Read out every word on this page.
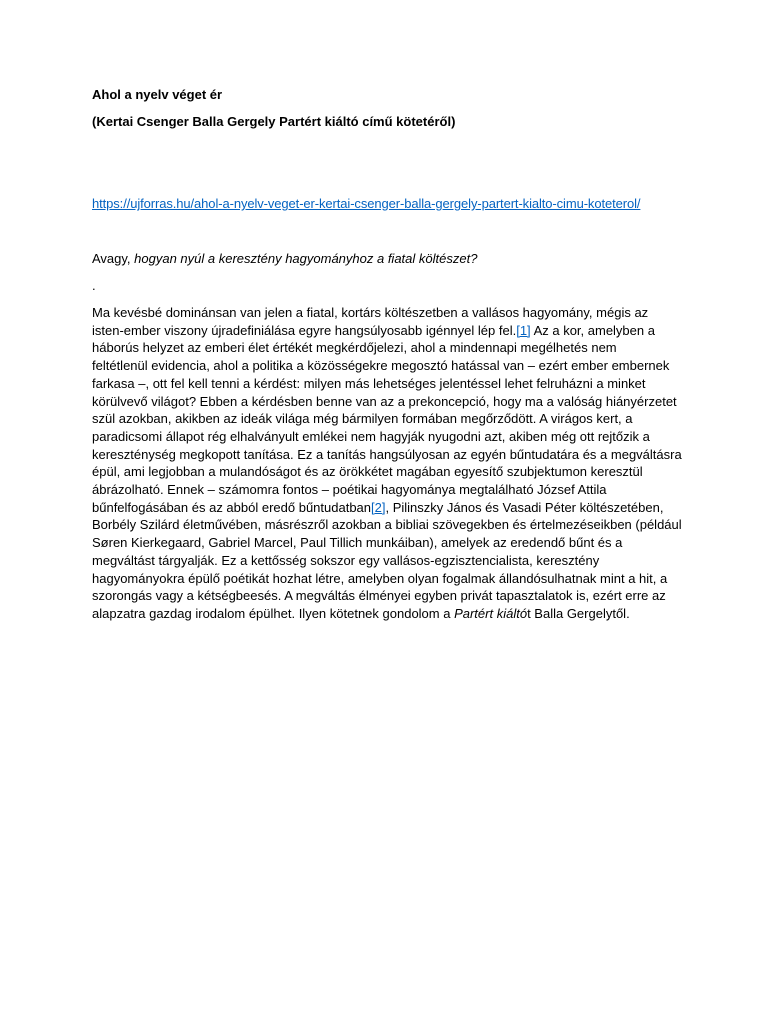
Ahol a nyelv véget ér
(Kertai Csenger Balla Gergely Partért kiáltó című kötetéről)
https://ujforras.hu/ahol-a-nyelv-veget-er-kertai-csenger-balla-gergely-partert-kialto-cimu-koteterol/
Avagy, hogyan nyúl a keresztény hagyományhoz a fiatal költészet?
.
Ma kevésbé dominánsan van jelen a fiatal, kortárs költészetben a vallásos hagyomány, mégis az
isten-ember viszony újradefiniálása egyre hangsúlyosabb igénnyel lép fel.[1] Az a kor, amelyben a
háborús helyzet az emberi élet értékét megkérdőjelezi, ahol a mindennapi megélhetés nem
feltétlenül evidencia, ahol a politika a közösségekre megosztó hatással van – ezért ember embernek
farkasa –, ott fel kell tenni a kérdést: milyen más lehetséges jelentéssel lehet felruházni a minket
körülvevő világot? Ebben a kérdésben benne van az a prekoncepció, hogy ma a valóság hiányérzetet
szül azokban, akikben az ideák világa még bármilyen formában megőrződött. A virágos kert, a
paradicsomi állapot rég elhalványult emlékei nem hagyják nyugodni azt, akiben még ott rejtőzik a
kereszténység megkopott tanítása. Ez a tanítás hangsúlyosan az egyén bűntudatára és a megváltásra
épül, ami legjobban a mulandóságot és az örökkétet magában egyesítő szubjektumon keresztül
ábrázolható. Ennek – számomra fontos – poétikai hagyománya megtalálható József Attila
bűnfelfogásában és az abból eredő bűntudatban[2], Pilinszky János és Vasadi Péter költészetében,
Borbély Szilárd életművében, másrészről azokban a bibliai szövegekben és értelmezéseikben (például
Søren Kierkegaard, Gabriel Marcel, Paul Tillich munkáiban), amelyek az eredendő bűnt és a
megváltást tárgyalják. Ez a kettősség sokszor egy vallásos-egzisztencialista, keresztény
hagyományokra épülő poétikát hozhat létre, amelyben olyan fogalmak állandósulhatnak mint a hit, a
szorongás vagy a kétségbeesés. A megváltás élményei egyben privát tapasztalatok is, ezért erre az
alapzatra gazdag irodalom épülhet. Ilyen kötetnek gondolom a Partért kiáltót Balla Gergelytől.
